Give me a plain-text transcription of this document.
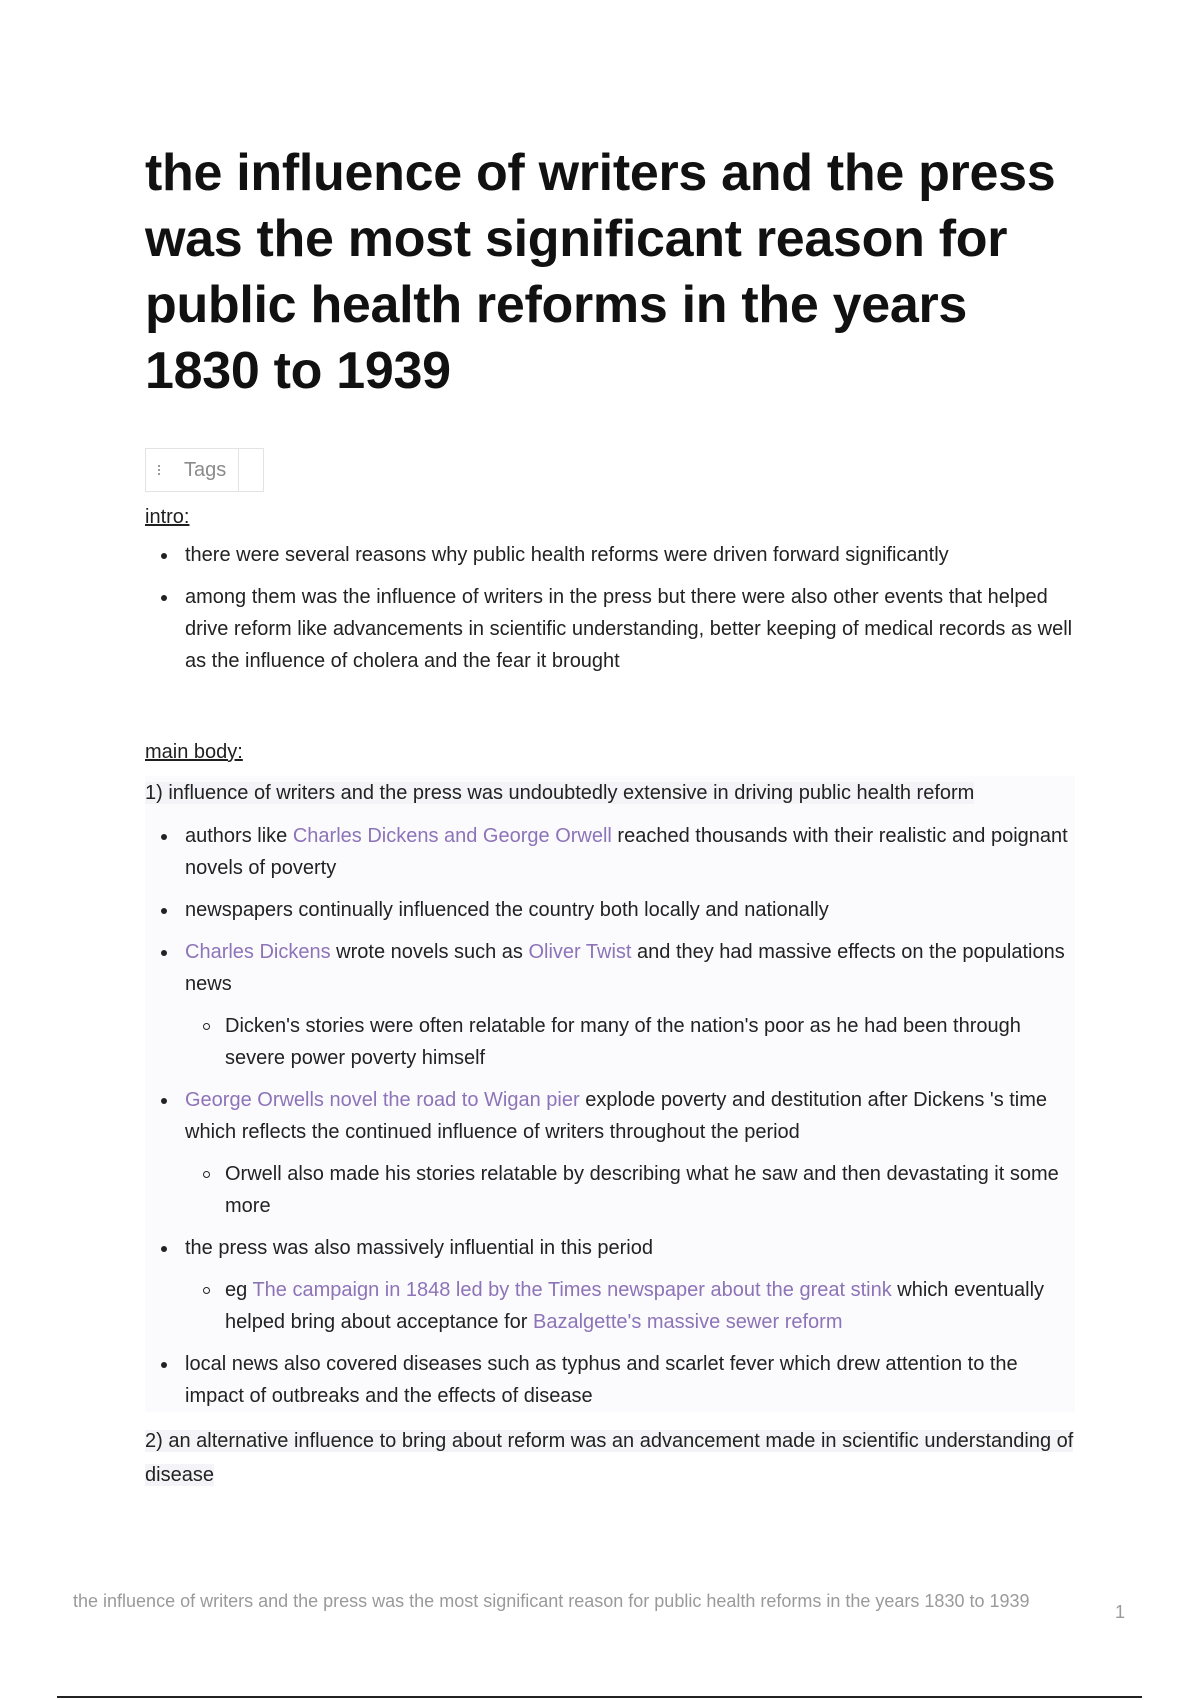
the influence of writers and the press was the most significant reason for public health reforms in the years 1830 to 1939
Tags

intro:

there were several reasons why public health reforms were driven forward significantly
among them was the influence of writers in the press but there were also other events that helped drive reform like advancements in scientific understanding, better keeping of medical records as well as the influence of cholera and the fear it brought

main body:

1) influence of writers and the press was undoubtedly extensive in driving public health reform
authors like Charles Dickens and George Orwell reached thousands with their realistic and poignant novels of poverty
newspapers continually influenced the country both locally and nationally
Charles Dickens wrote novels such as Oliver Twist and they had massive effects on the populations news
Dicken's stories were often relatable for many of the nation's poor as he had been through severe power poverty himself
George Orwells novel the road to Wigan pier explode poverty and destitution after Dickens 's time which reflects the continued influence of writers throughout the period
Orwell also made his stories relatable by describing what he saw and then devastating it some more
the press was also massively influential in this period
eg The campaign in 1848 led by the Times newspaper about the great stink which eventually helped bring about acceptance for Bazalgette's massive sewer reform
local news also covered diseases such as typhus and scarlet fever which drew attention to the impact of outbreaks and the effects of disease
2) an alternative influence to bring about reform was an advancement made in scientific understanding of disease
the influence of writers and the press was the most significant reason for public health reforms in the years 1830 to 1939
1
